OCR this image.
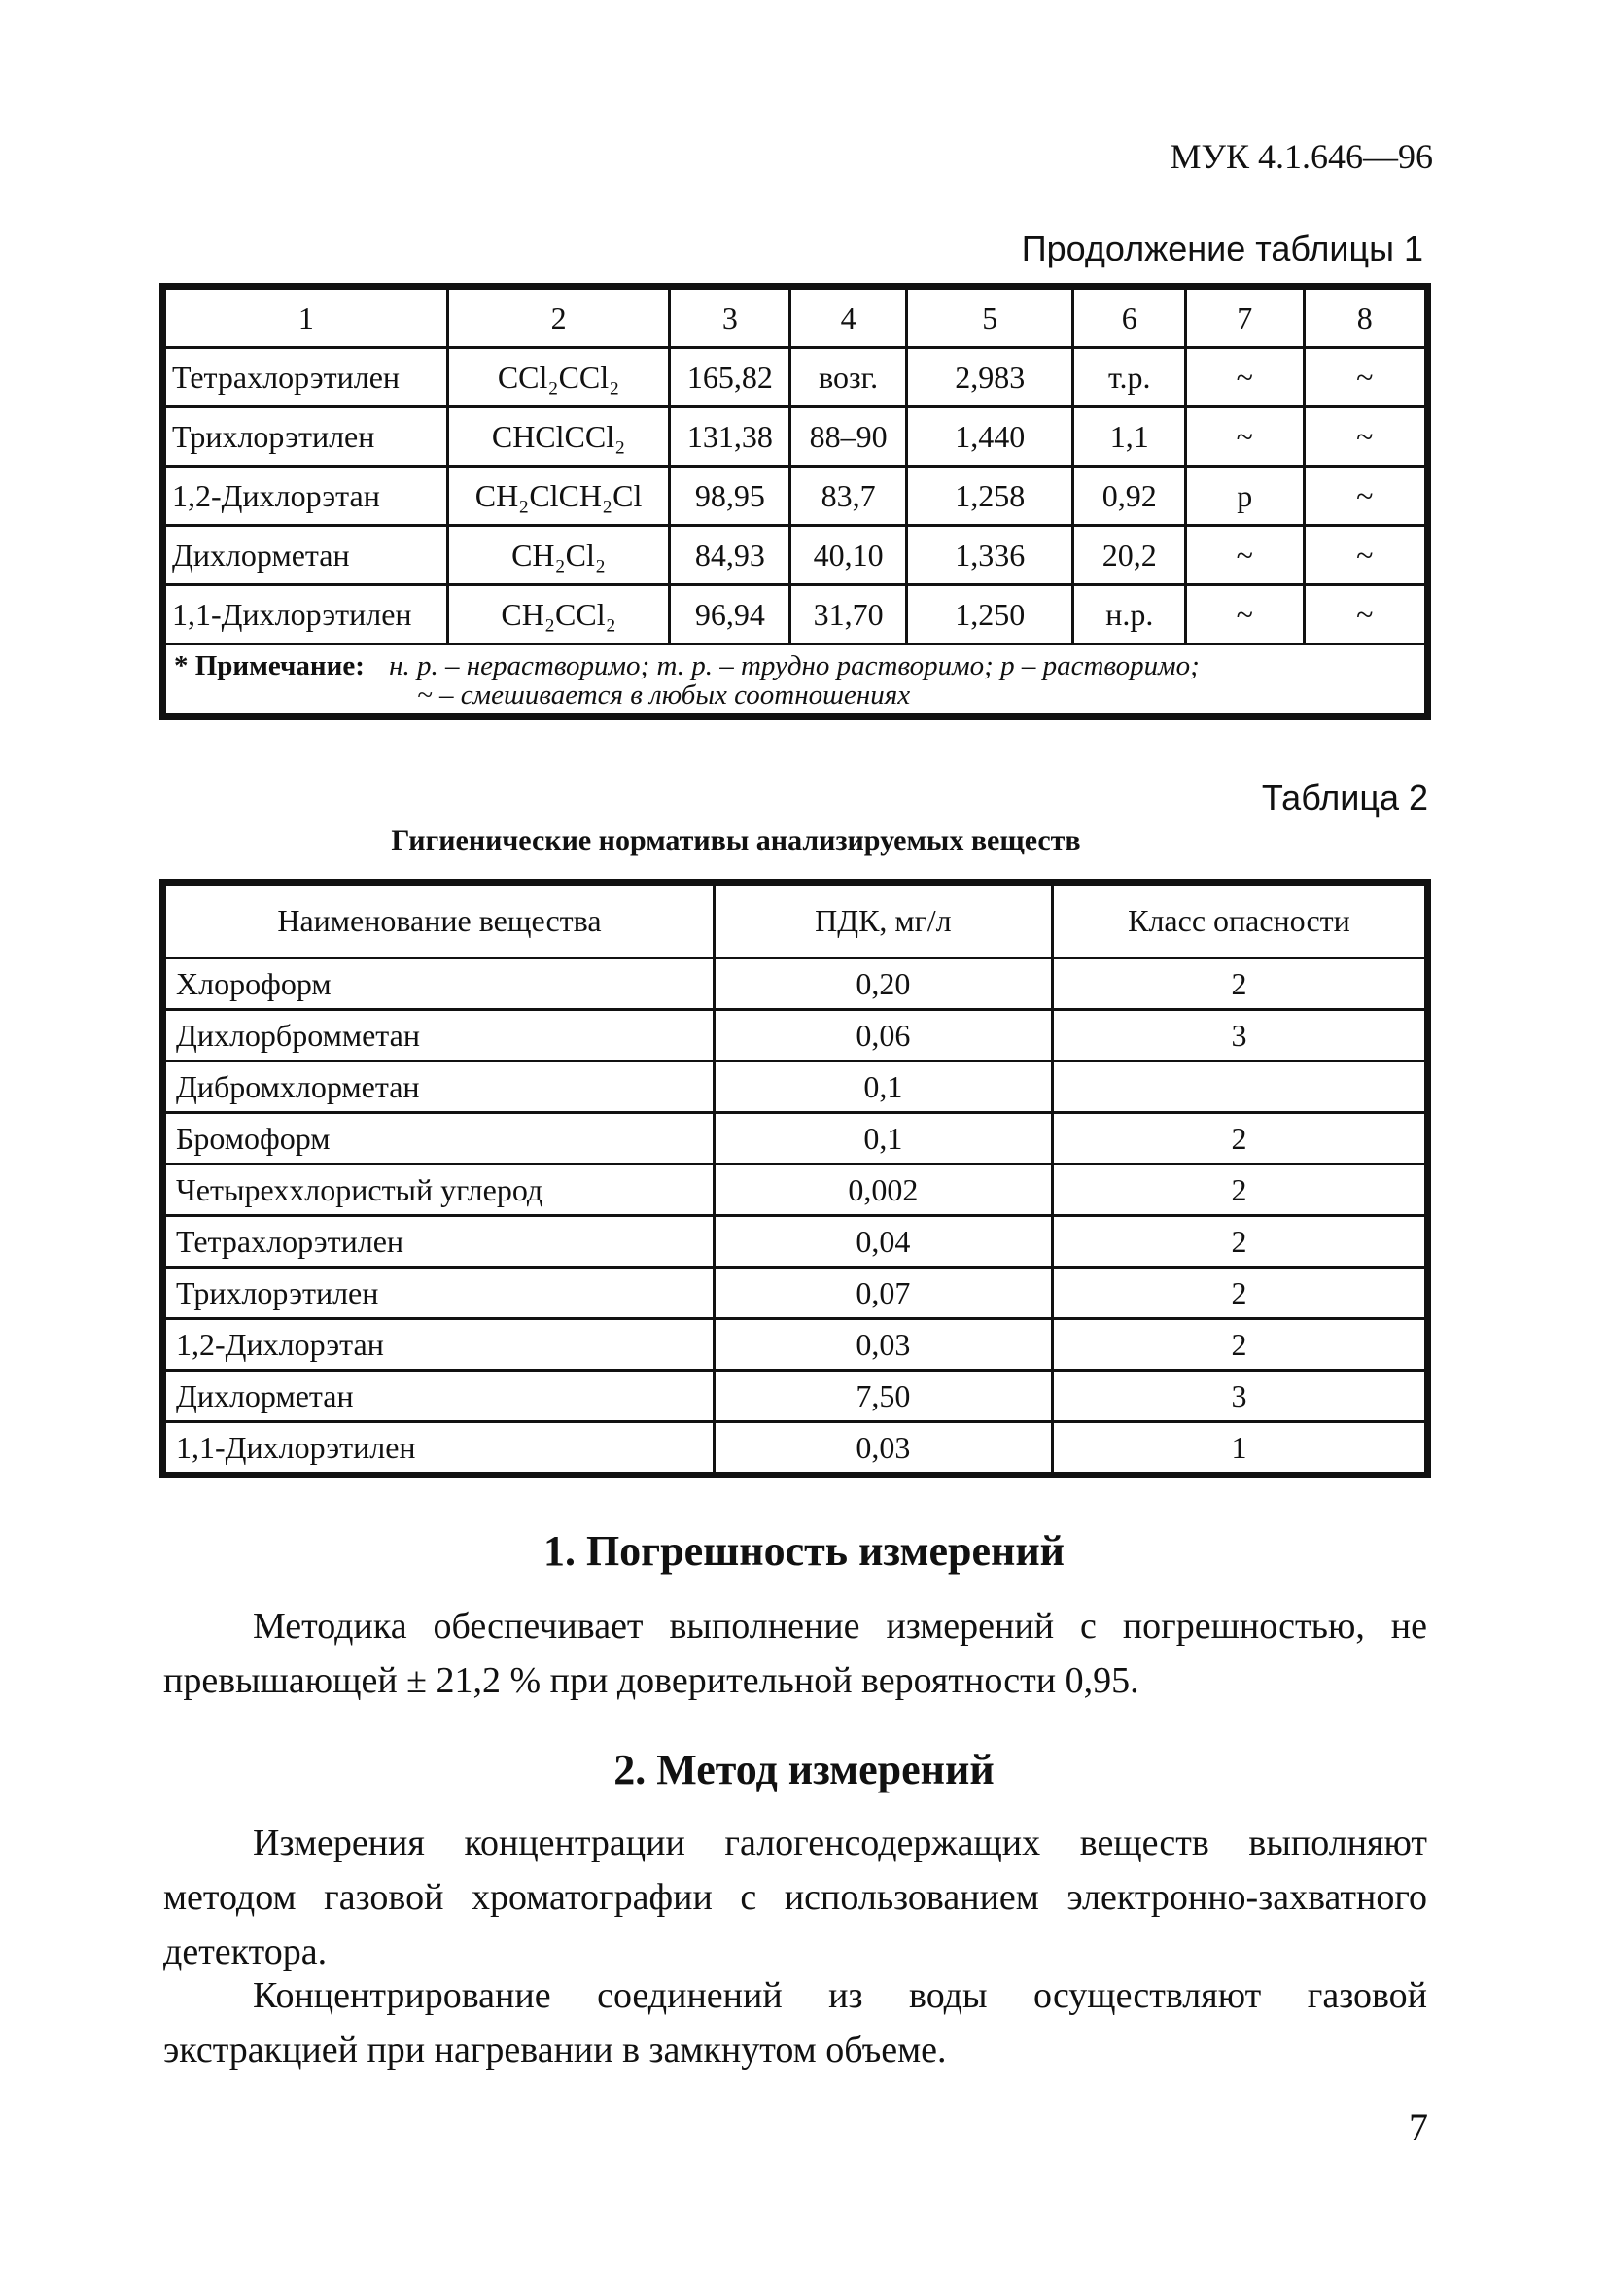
МУК 4.1.646—96
Продолжение таблицы 1
1	2	3	4	5	6	7	8
Тетрахлорэтилен	CCl₂CCl₂	165,82	возг.	2,983	т.р.	~	~
Трихлорэтилен	CHClCCl₂	131,38	88–90	1,440	1,1	~	~
1,2-Дихлорэтан	CH₂ClCH₂Cl	98,95	83,7	1,258	0,92	р	~
Дихлорметан	CH₂Cl₂	84,93	40,10	1,336	20,2	~	~
1,1-Дихлорэтилен	CH₂CCl₂	96,94	31,70	1,250	н.р.	~	~
* Примечание: н. р. – нерастворимо; т. р. – трудно растворимо; р – растворимо;
~ – смешивается в любых соотношениях							
Таблица 2
Гигиенические нормативы анализируемых веществ
Наименование вещества	ПДК, мг/л	Класс опасности
Хлороформ	0,20	2
Дихлорбромметан	0,06	3
Дибромхлорметан	0,1	
Бромоформ	0,1	2
Четыреххлористый углерод	0,002	2
Тетрахлорэтилен	0,04	2
Трихлорэтилен	0,07	2
1,2-Дихлорэтан	0,03	2
Дихлорметан	7,50	3
1,1-Дихлорэтилен	0,03	1
1. Погрешность измерений

Методика обеспечивает выполнение измерений с погрешностью, не превышающей ± 21,2 % при доверительной вероятности 0,95.

2. Метод измерений

Измерения концентрации галогенсодержащих веществ выполняют методом газовой хроматографии с использованием электронно-захватного детектора.

Концентрирование соединений из воды осуществляют газовой экстракцией при нагревании в замкнутом объеме.

7
